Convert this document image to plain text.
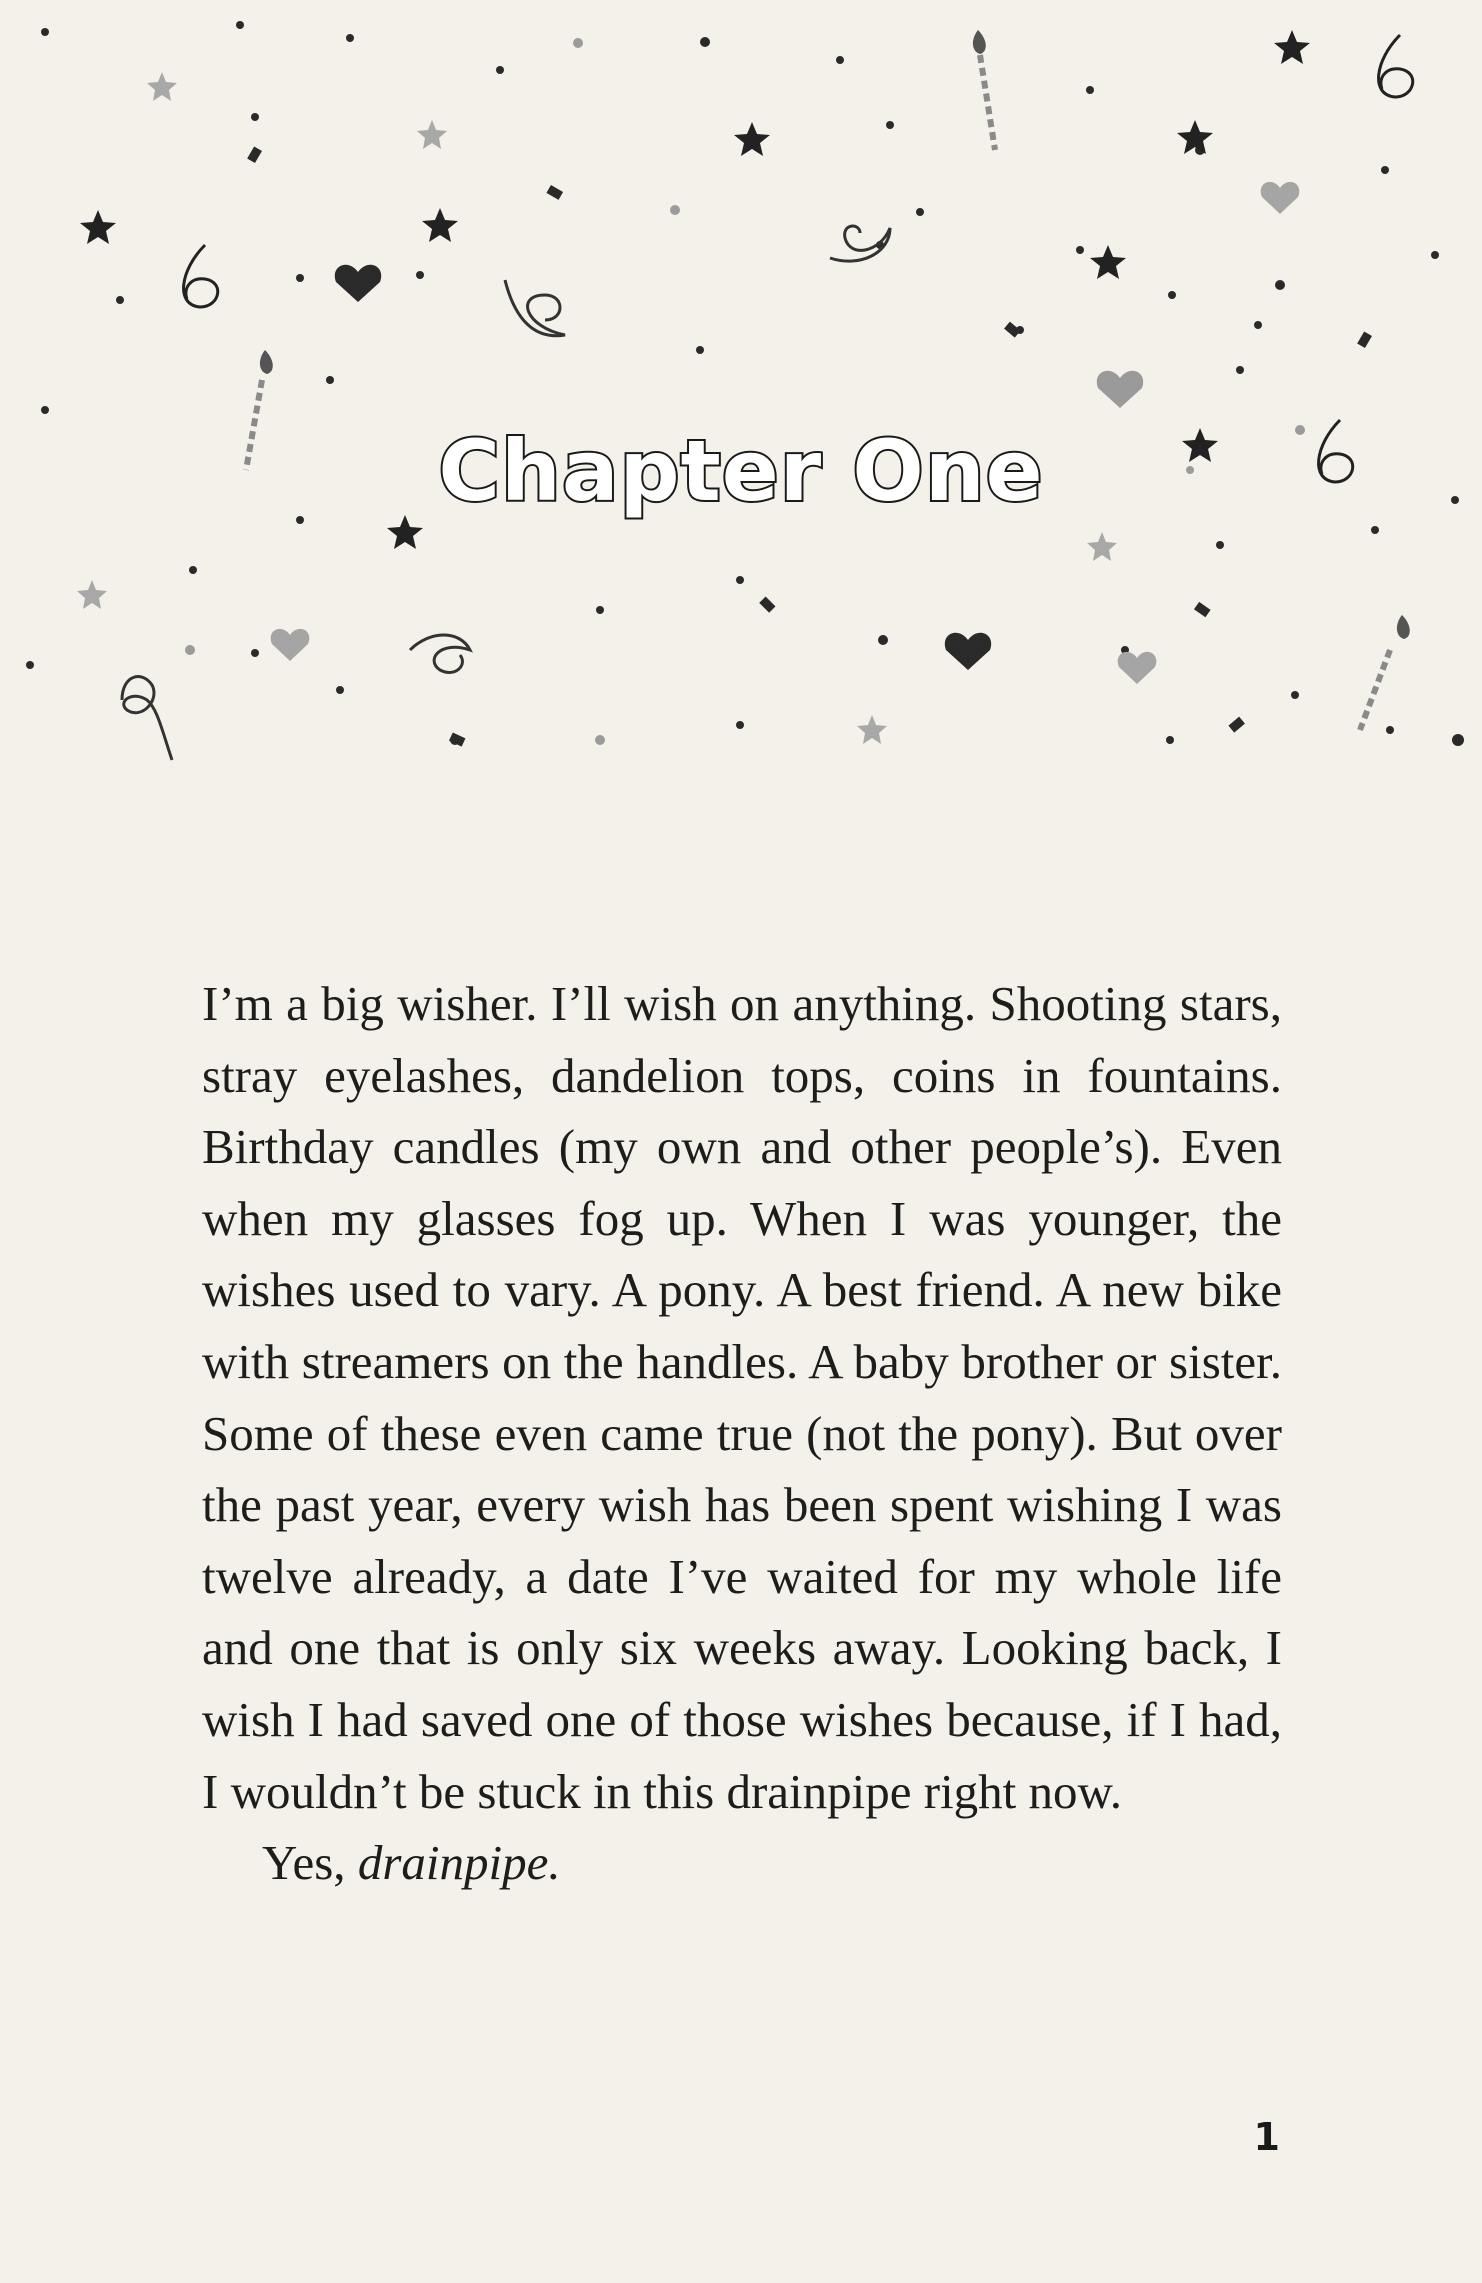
Chapter One

I’m a big wisher. I’ll wish on anything. Shooting stars, stray eyelashes, dandelion tops, coins in fountains. Birthday candles (my own and other people’s). Even when my glasses fog up. When I was younger, the wishes used to vary. A pony. A best friend. A new bike with streamers on the handles. A baby brother or sister. Some of these even came true (not the pony). But over the past year, every wish has been spent wishing I was twelve already, a date I’ve waited for my whole life and one that is only six weeks away. Looking back, I wish I had saved one of those wishes because, if I had, I wouldn’t be stuck in this drainpipe right now.

Yes, drainpipe.

1
